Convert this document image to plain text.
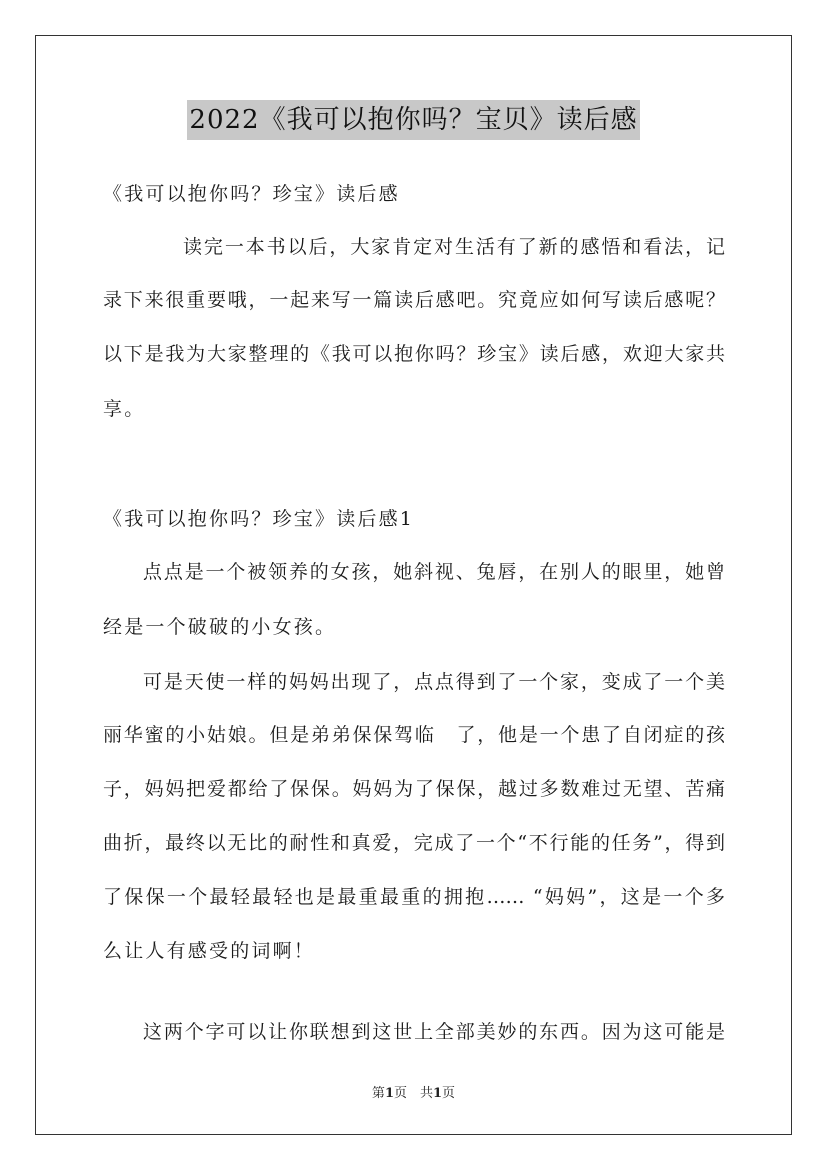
2022《我可以抱你吗？宝贝》读后感
《我可以抱你吗？珍宝》读后感
读完一本书以后，大家肯定对生活有了新的感悟和看法，记
录下来很重要哦，一起来写一篇读后感吧。究竟应如何写读后感呢？
以下是我为大家整理的《我可以抱你吗？珍宝》读后感，欢迎大家共
享。
《我可以抱你吗？珍宝》读后感1
点点是一个被领养的女孩，她斜视、兔唇，在别人的眼里，她曾
经是一个破破的小女孩。
可是天使一样的妈妈出现了，点点得到了一个家，变成了一个美
丽华蜜的小姑娘。但是弟弟保保驾临　了，他是一个患了自闭症的孩
子，妈妈把爱都给了保保。妈妈为了保保，越过多数难过无望、苦痛
曲折，最终以无比的耐性和真爱，完成了一个“不行能的任务”，得到
了保保一个最轻最轻也是最重最重的拥抱…… “妈妈”，这是一个多
么让人有感受的词啊！
这两个字可以让你联想到这世上全部美妙的东西。因为这可能是
第1页　共1页
